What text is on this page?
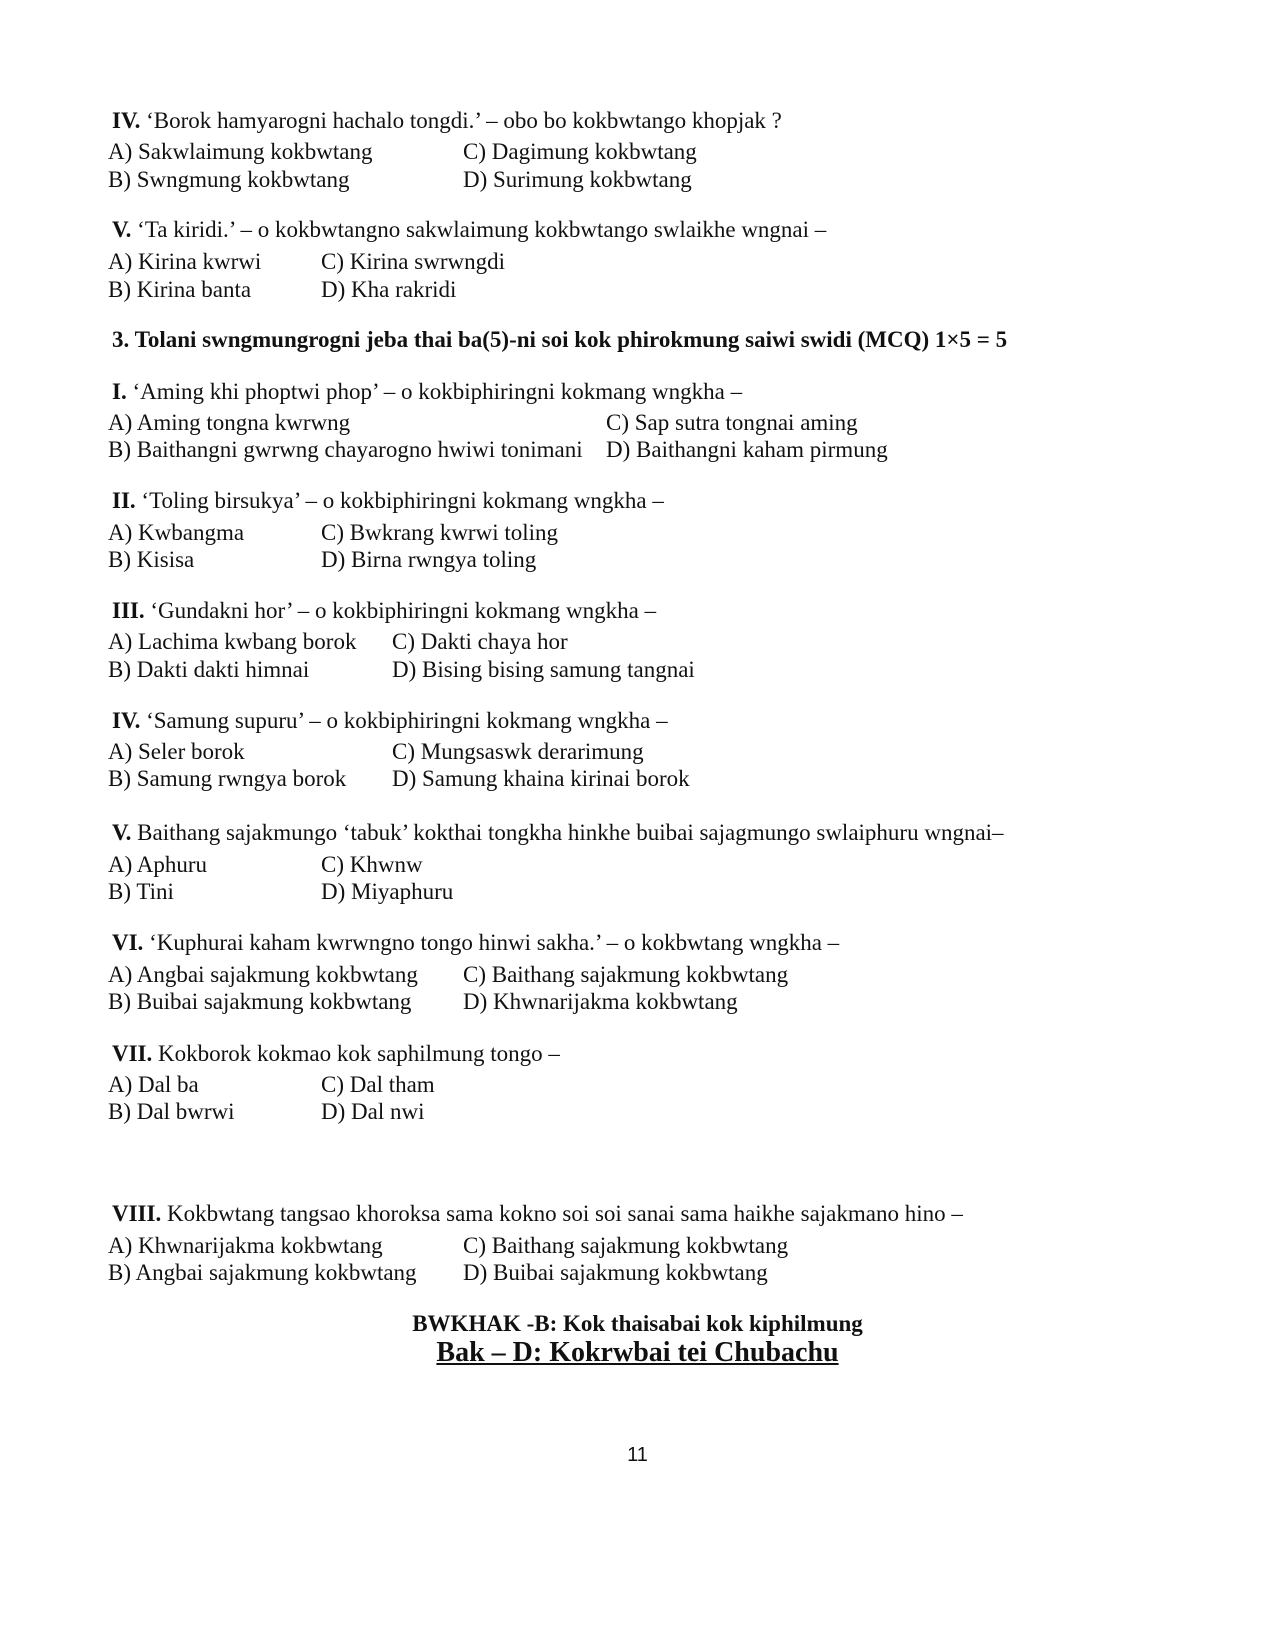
IV. ‘Borok hamyarogni hachalo tongdi.’ – obo bo kokbwtango khopjak ?
A) Sakwlaimung kokbwtang	C) Dagimung kokbwtang
B) Swngmung kokbwtang	D) Surimung kokbwtang
V. ‘Ta kiridi.’ – o kokbwtangno sakwlaimung kokbwtango swlaikhe wngnai –
A) Kirina kwrwi	C) Kirina swrwngdi
B) Kirina banta	D) Kha rakridi
3. Tolani swngmungrogni jeba thai ba(5)-ni soi kok phirokmung saiwi swidi (MCQ) 1×5 = 5
I. ‘Aming khi phoptwi phop’ – o kokbiphiringni kokmang wngkha –
A) Aming tongna kwrwng	C) Sap sutra tongnai aming
B) Baithangni gwrwng chayarogno hwiwi tonimani D) Baithangni kaham pirmung
II. ‘Toling birsukya’ – o kokbiphiringni kokmang wngkha –
A) Kwbangma	C) Bwkrang kwrwi toling
B) Kisisa	D) Birna rwngya toling
III. ‘Gundakni hor’ – o kokbiphiringni kokmang wngkha –
A) Lachima kwbang borok C) Dakti chaya hor
B) Dakti dakti himnai	D) Bising bising samung tangnai
IV. ‘Samung supuru’ – o kokbiphiringni kokmang wngkha –
A) Seler borok	C) Mungsaswk derarimung
B) Samung rwngya borok D) Samung khaina kirinai borok
V. Baithang sajakmungo ‘tabuk’ kokthai tongkha hinkhe buibai sajagmungo swlaiphuru wngnai–
A) Aphuru	C) Khwnw
B) Tini	D) Miyaphuru
VI. ‘Kuphurai kaham kwrwngno tongo hinwi sakha.’ – o kokbwtang wngkha –
A) Angbai sajakmung kokbwtang C) Baithang sajakmung kokbwtang
B) Buibai sajakmung kokbwtang D) Khwnarijakma kokbwtang
VII. Kokborok kokmao kok saphilmung tongo –
A) Dal ba	C) Dal tham
B) Dal bwrwi	D) Dal nwi
VIII. Kokbwtang tangsao khoroksa sama kokno soi soi sanai sama haikhe sajakmano hino –
A) Khwnarijakma kokbwtang	C) Baithang sajakmung kokbwtang
B) Angbai sajakmung kokbwtang D) Buibai sajakmung kokbwtang
BWKHAK -B: Kok thaisabai kok kiphilmung
Bak – D: Kokrwbai tei Chubachu
11
